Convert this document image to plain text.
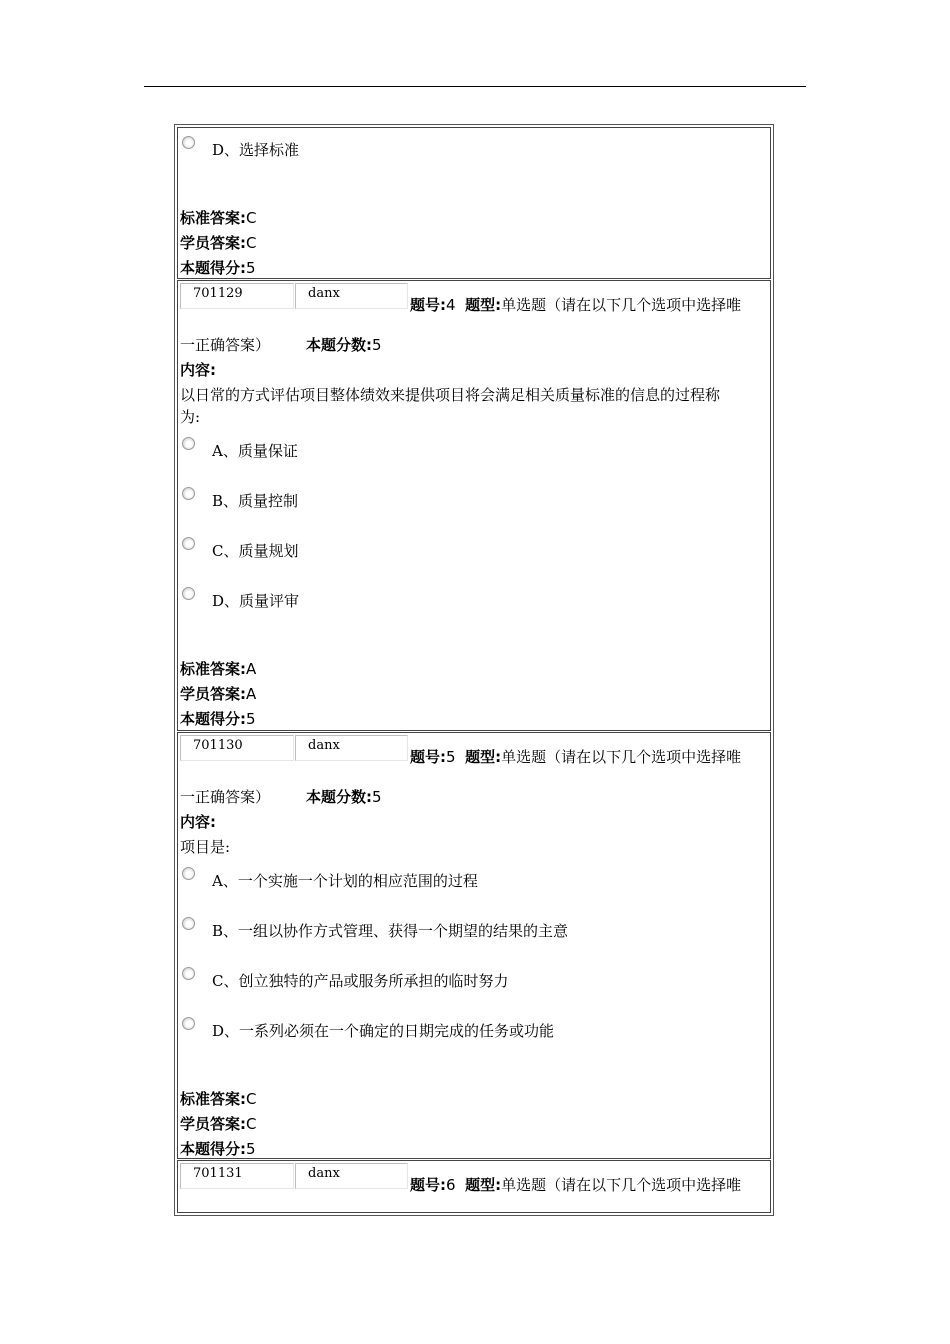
D、选择标准
标准答案:C
学员答案:C
本题得分:5
701129	danx
题号:4 题型:单选题（请在以下几个选项中选择唯
一正确答案） 本题分数:5
内容:
以日常的方式评估项目整体绩效来提供项目将会满足相关质量标准的信息的过程称
为:
A、质量保证
B、质量控制
C、质量规划
D、质量评审
标准答案:A
学员答案:A
本题得分:5
701130	danx
题号:5 题型:单选题（请在以下几个选项中选择唯
一正确答案） 本题分数:5
内容:
项目是:
A、一个实施一个计划的相应范围的过程
B、一组以协作方式管理、获得一个期望的结果的主意
C、创立独特的产品或服务所承担的临时努力
D、一系列必须在一个确定的日期完成的任务或功能
标准答案:C
学员答案:C
本题得分:5
701131	danx
题号:6 题型:单选题（请在以下几个选项中选择唯
